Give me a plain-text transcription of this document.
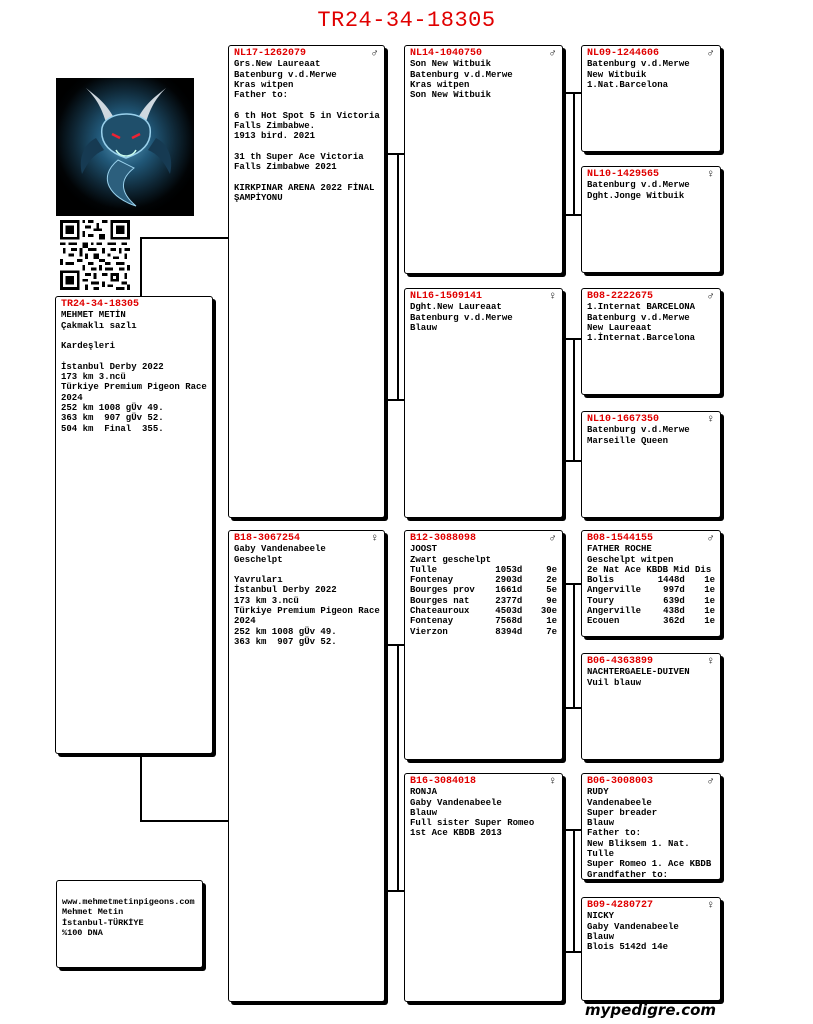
TR24-34-18305
TR24-34-18305
MEHMET METİN
Çakmaklı sazlı
Kardeşleri
İstanbul Derby 2022
173 km 3.ncü
Türkiye Premium Pigeon Race
2024
252 km 1008 gÜv 49.
363 km  907 gÜv 52.
504 km  Final  355.
www.mehmetmetinpigeons.com
Mehmet Metin
İstanbul-TÜRKİYE
%100 DNA
NL17-1262079	♂
Grs.New Laureaat
Batenburg v.d.Merwe
Kras witpen
Father to:
6 th Hot Spot 5 in Victoria
Falls Zimbabwe.
1913 bird. 2021
31 th Super Ace Victoria
Falls Zimbabwe 2021
KIRKPINAR ARENA 2022 FİNAL
ŞAMPİYONU
B18-3067254	♀
Gaby Vandenabeele
Geschelpt
Yavruları
İstanbul Derby 2022
173 km 3.ncü
Türkiye Premium Pigeon Race
2024
252 km 1008 gÜv 49.
363 km  907 gÜv 52.
NL14-1040750	♂
Son New Witbuik
Batenburg v.d.Merwe
Kras witpen
Son New Witbuik
NL16-1509141	♀
Dght.New Laureaat
Batenburg v.d.Merwe
Blauw
B12-3088098	♂
JOOST
Zwart geschelpt
Tulle	1053d	9e
Fontenay	2903d	2e
Bourges prov	1661d	5e
Bourges nat	2377d	9e
Chateauroux	4503d	30e
Fontenay	7568d	1e
Vierzon	8394d	7e
B16-3084018	♀
RONJA
Gaby Vandenabeele
Blauw
Full sister Super Romeo
1st Ace KBDB 2013
NL09-1244606	♂
Batenburg v.d.Merwe
New Witbuik
1.Nat.Barcelona
NL10-1429565	♀
Batenburg v.d.Merwe
Dght.Jonge Witbuik
B08-2222675	♂
1.Internat BARCELONA
Batenburg v.d.Merwe
New Laureaat
1.İnternat.Barcelona
NL10-1667350	♀
Batenburg v.d.Merwe
Marseille Queen
B08-1544155	♂
FATHER ROCHE
Geschelpt witpen
2e Nat Ace KBDB Mid Dis
Bolis	1448d	1e
Angerville	997d	1e
Toury	639d	1e
Angerville	438d	1e
Ecouen	362d	1e
B06-4363899	♀
NACHTERGAELE-DUIVEN
Vuil blauw
B06-3008003	♂
RUDY
Vandenabeele
Super breader
Blauw
Father to:
New Bliksem 1. Nat.
Tulle
Super Romeo 1. Ace KBDB
Grandfather to:
B09-4280727	♀
NICKY
Gaby Vandenabeele
Blauw
Blois 5142d 14e
mypedigre.com
